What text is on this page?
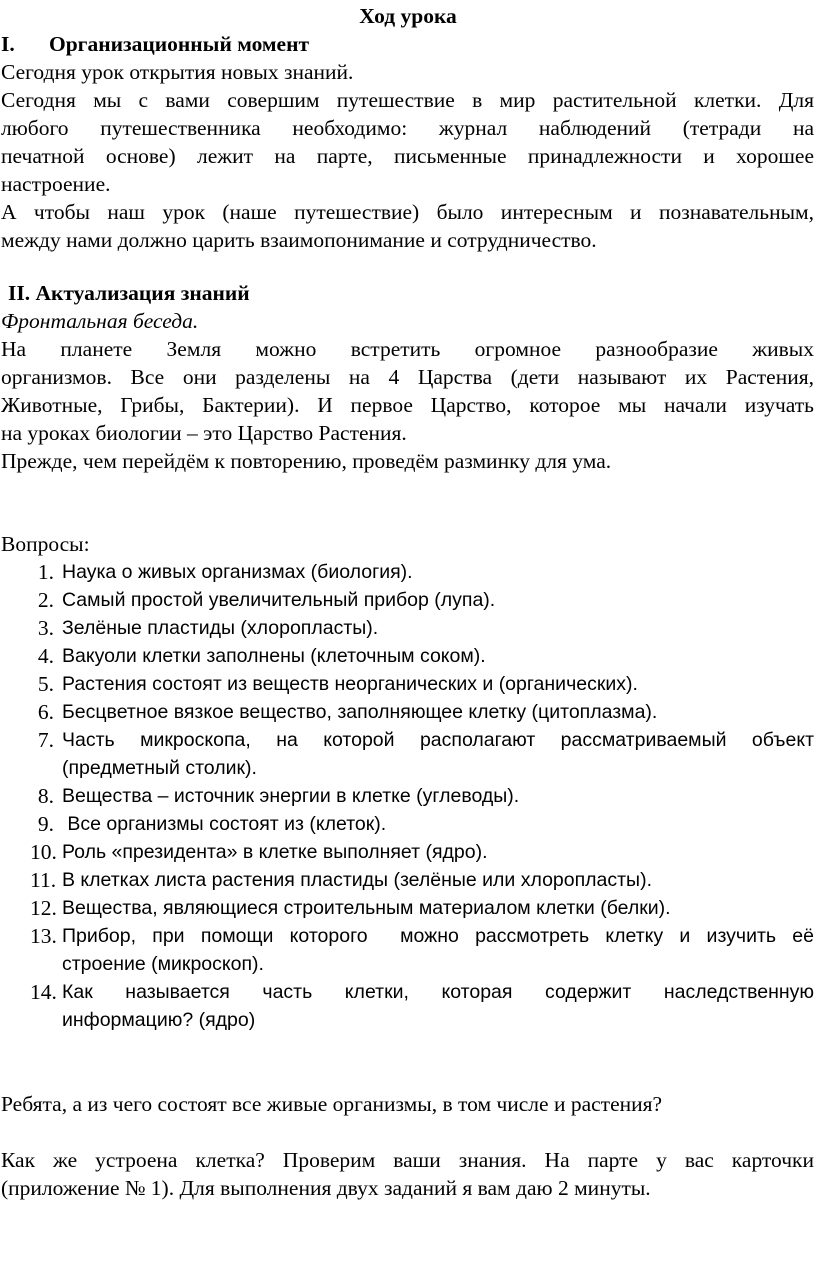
Ход урока
I. Организационный момент
Сегодня урок открытия новых знаний.
Сегодня мы с вами совершим путешествие в мир растительной клетки. Для
любого путешественника необходимо: журнал наблюдений (тетради на
печатной основе) лежит на парте, письменные принадлежности и хорошее
настроение.
А чтобы наш урок (наше путешествие) было интересным и познавательным,
между нами должно царить взаимопонимание и сотрудничество.
II. Актуализация знаний
Фронтальная беседа.
На планете Земля можно встретить огромное разнообразие живых
организмов. Все они разделены на 4 Царства (дети называют их Растения,
Животные, Грибы, Бактерии). И первое Царство, которое мы начали изучать
на уроках биологии – это Царство Растения.
Прежде, чем перейдём к повторению, проведём разминку для ума.
Вопросы:
1. Наука о живых организмах (биология).
2. Самый простой увеличительный прибор (лупа).
3. Зелёные пластиды (хлоропласты).
4. Вакуоли клетки заполнены (клеточным соком).
5. Растения состоят из веществ неорганических и (органических).
6. Бесцветное вязкое вещество, заполняющее клетку (цитоплазма).
7. Часть микроскопа, на которой располагают рассматриваемый объект
(предметный столик).
8. Вещества – источник энергии в клетке (углеводы).
9. Все организмы состоят из (клеток).
10. Роль «президента» в клетке выполняет (ядро).
11. В клетках листа растения пластиды (зелёные или хлоропласты).
12. Вещества, являющиеся строительным материалом клетки (белки).
13. Прибор, при помощи которого  можно рассмотреть клетку и изучить её
строение (микроскоп).
14. Как называется часть клетки, которая содержит наследственную
информацию? (ядро)
Ребята, а из чего состоят все живые организмы, в том числе и растения?
Как же устроена клетка? Проверим ваши знания. На парте у вас карточки
(приложение № 1). Для выполнения двух заданий я вам даю 2 минуты.
